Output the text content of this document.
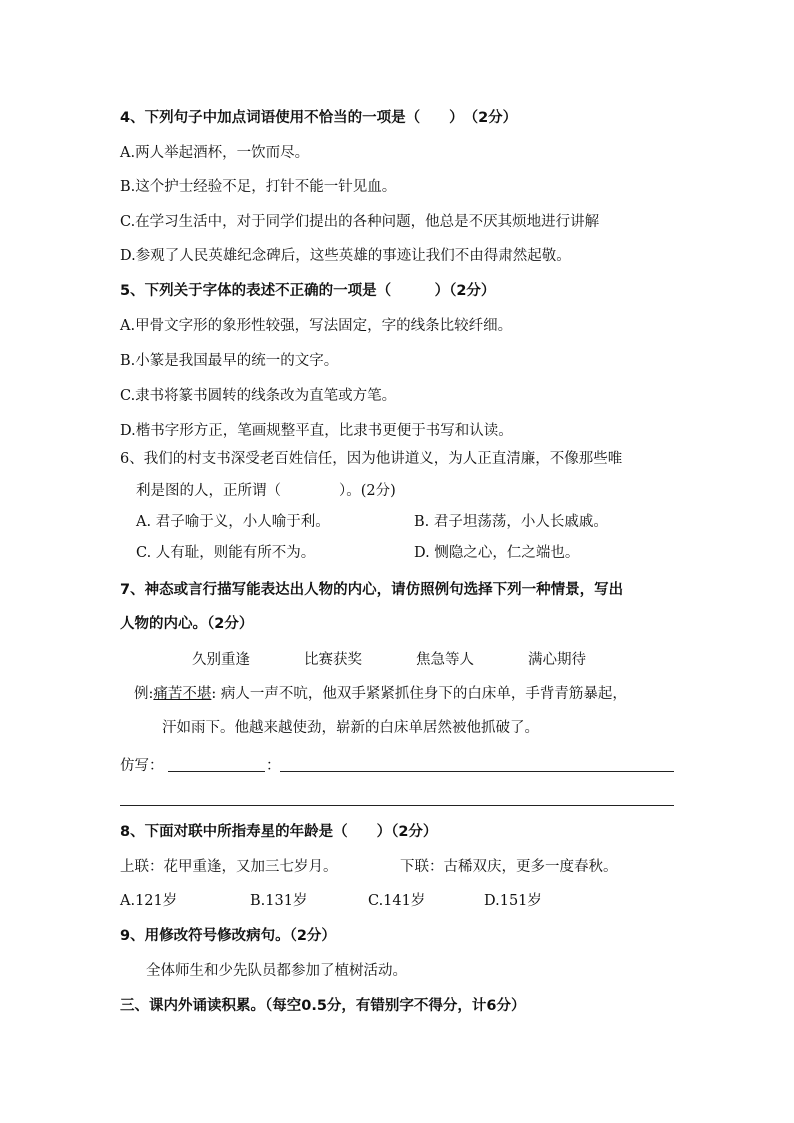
4、下列句子中加点词语使用不恰当的一项是（　　）　（2分）
A.两人举起酒杯，一饮而尽。
B.这个护士经验不足，打针不能一针见血。
C.在学习生活中，对于同学们提出的各种问题，他总是不厌其烦地进行讲解
D.参观了人民英雄纪念碑后，这些英雄的事迹让我们不由得肃然起敬。
5、下列关于字体的表述不正确的一项是（　　　）（2分）
A.甲骨文字形的象形性较强，写法固定，字的线条比较纤细。
B.小篆是我国最早的统一的文字。
C.隶书将篆书圆转的线条改为直笔或方笔。
D.楷书字形方正，笔画规整平直，比隶书更便于书写和认读。
6、我们的村支书深受老百姓信任，因为他讲道义，为人正直清廉，不像那些唯
利是图的人，正所谓（　　　　）。(2分)
A. 君子喻于义，小人喻于利。	B. 君子坦荡荡，小人长戚戚。
C. 人有耻，则能有所不为。	D. 恻隐之心，仁之端也。
7、神态或言行描写能表达出人物的内心，请仿照例句选择下列一种情景，写出
人物的内心。（2分）
久别重逢	比赛获奖	焦急等人	满心期待
例:痛苦不堪: 病人一声不吭，他双手紧紧抓住身下的白床单，手背青筋暴起，
汗如雨下。他越来越使劲，崭新的白床单居然被他抓破了。
仿写：	：
8、下面对联中所指寿星的年龄是（　　）（2分）
上联：花甲重逢，又加三七岁月。	下联：古稀双庆，更多一度春秋。
A.121岁	B.131岁	C.141岁	D.151岁
9、用修改符号修改病句。（2分）
全体师生和少先队员都参加了植树活动。
三、课内外诵读积累。（每空0.5分，有错别字不得分，计6分）
